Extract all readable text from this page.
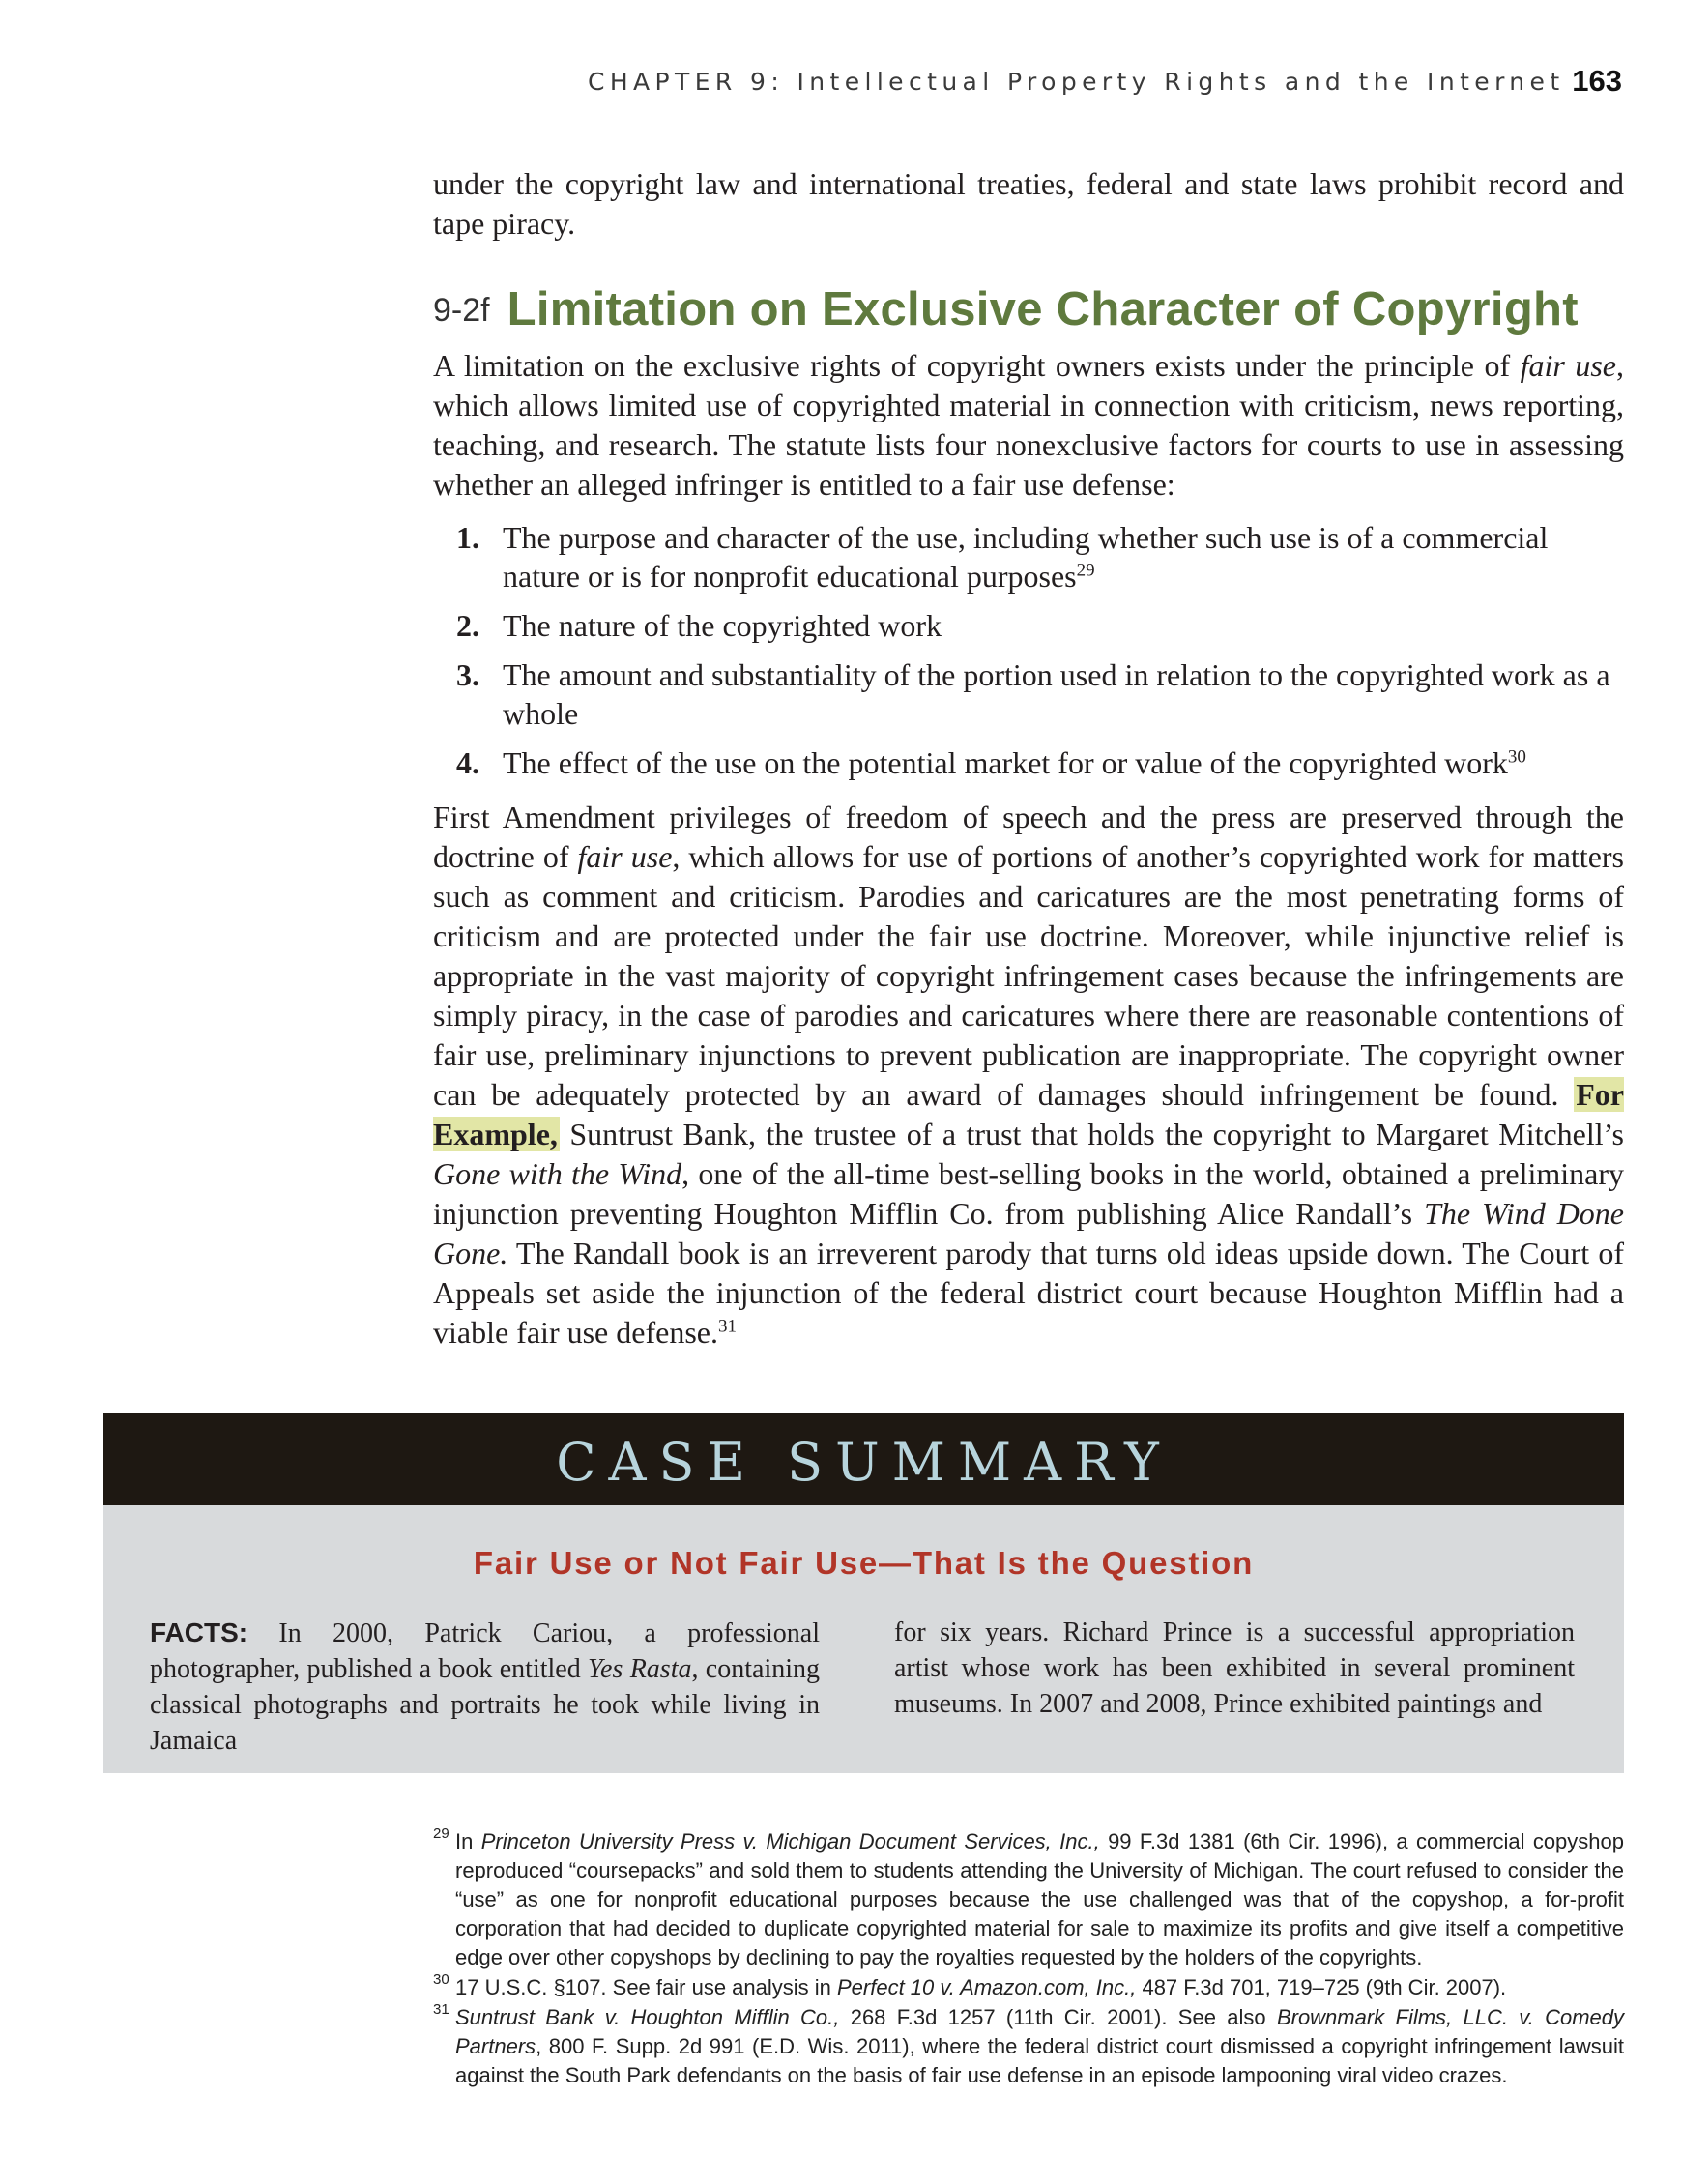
CHAPTER 9: Intellectual Property Rights and the Internet 163

under the copyright law and international treaties, federal and state laws prohibit record and tape piracy.

9-2f Limitation on Exclusive Character of Copyright

A limitation on the exclusive rights of copyright owners exists under the principle of fair use, which allows limited use of copyrighted material in connection with criticism, news reporting, teaching, and research. The statute lists four nonexclusive factors for courts to use in assessing whether an alleged infringer is entitled to a fair use defense:

1. The purpose and character of the use, including whether such use is of a commercial nature or is for nonprofit educational purposes$^{29}$
2. The nature of the copyrighted work
3. The amount and substantiality of the portion used in relation to the copyrighted work as a whole
4. The effect of the use on the potential market for or value of the copyrighted work$^{30}$

First Amendment privileges of freedom of speech and the press are preserved through the doctrine of fair use, which allows for use of portions of another’s copyrighted work for matters such as comment and criticism. Parodies and caricatures are the most penetrating forms of criticism and are protected under the fair use doctrine. Moreover, while injunctive relief is appropriate in the vast majority of copyright infringement cases because the infringements are simply piracy, in the case of parodies and caricatures where there are reasonable contentions of fair use, preliminary injunctions to prevent publication are inappropriate. The copyright owner can be adequately protected by an award of damages should infringement be found. For Example, Suntrust Bank, the trustee of a trust that holds the copyright to Margaret Mitchell’s Gone with the Wind, one of the all-time best-selling books in the world, obtained a preliminary injunction preventing Houghton Mifflin Co. from publishing Alice Randall’s The Wind Done Gone. The Randall book is an irreverent parody that turns old ideas upside down. The Court of Appeals set aside the injunction of the federal district court because Houghton Mifflin had a viable fair use defense.$^{31}$

CASE SUMMARY
Fair Use or Not Fair Use—That Is the Question
FACTS: In 2000, Patrick Cariou, a professional photographer, published a book entitled Yes Rasta, containing classical photographs and portraits he took while living in Jamaica
for six years. Richard Prince is a successful appropriation artist whose work has been exhibited in several prominent museums. In 2007 and 2008, Prince exhibited paintings and

29 In Princeton University Press v. Michigan Document Services, Inc., 99 F.3d 1381 (6th Cir. 1996), a commercial copyshop reproduced “coursepacks” and sold them to students attending the University of Michigan. The court refused to consider the “use” as one for nonprofit educational purposes because the use challenged was that of the copyshop, a for-profit corporation that had decided to duplicate copyrighted material for sale to maximize its profits and give itself a competitive edge over other copyshops by declining to pay the royalties requested by the holders of the copyrights.

30 17 U.S.C. §107. See fair use analysis in Perfect 10 v. Amazon.com, Inc., 487 F.3d 701, 719–725 (9th Cir. 2007).

31 Suntrust Bank v. Houghton Mifflin Co., 268 F.3d 1257 (11th Cir. 2001). See also Brownmark Films, LLC. v. Comedy Partners, 800 F. Supp. 2d 991 (E.D. Wis. 2011), where the federal district court dismissed a copyright infringement lawsuit against the South Park defendants on the basis of fair use defense in an episode lampooning viral video crazes.
